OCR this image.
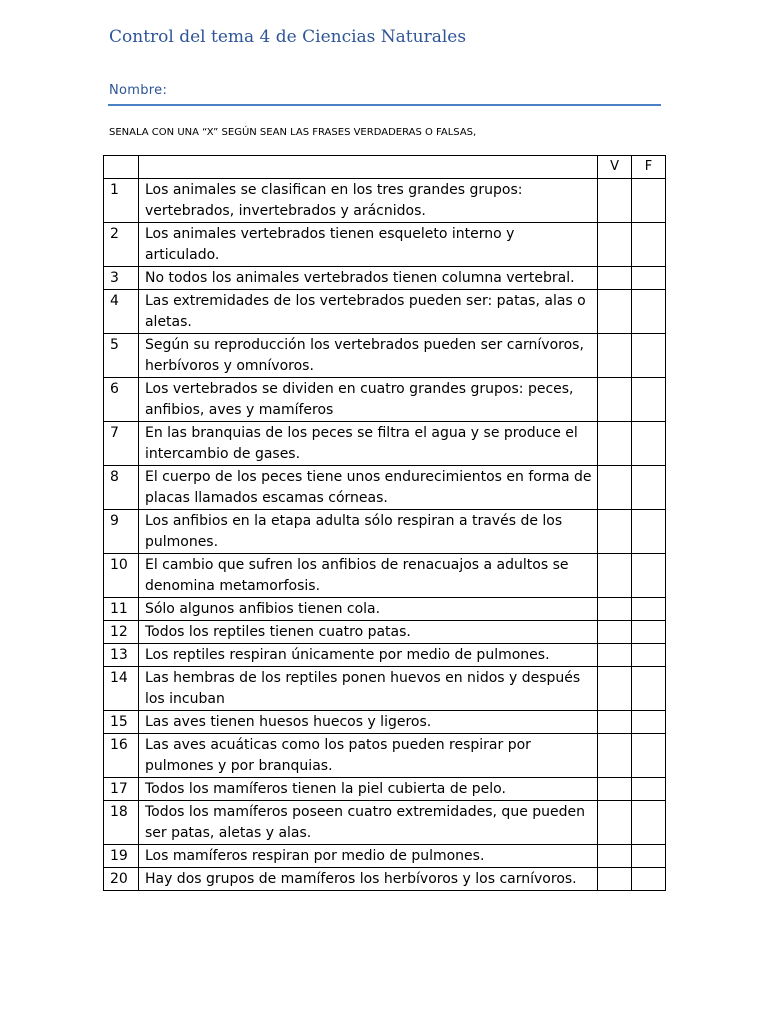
Control del tema 4 de Ciencias Naturales
Nombre:
SENALA CON UNA “X” SEGÚN SEAN LAS FRASES VERDADERAS O FALSAS,
		V	F
1	Los animales se clasifican en los tres grandes grupos: vertebrados, invertebrados y arácnidos.		
2	Los animales vertebrados tienen esqueleto interno y articulado.		
3	No todos los animales vertebrados tienen columna vertebral.		
4	Las extremidades de los vertebrados pueden ser: patas, alas o aletas.		
5	Según su reproducción los vertebrados pueden ser carnívoros, herbívoros y omnívoros.		
6	Los vertebrados se dividen en cuatro grandes grupos: peces, anfibios, aves y mamíferos		
7	En las branquias de los peces se filtra el agua y se produce el intercambio de gases.		
8	El cuerpo de los peces tiene unos endurecimientos en forma de placas llamados escamas córneas.		
9	Los anfibios en la etapa adulta sólo respiran a través de los pulmones.		
10	El cambio que sufren los anfibios de renacuajos a adultos se denomina metamorfosis.		
11	Sólo algunos anfibios tienen cola.		
12	Todos los reptiles tienen cuatro patas.		
13	Los reptiles respiran únicamente por medio de pulmones.		
14	Las hembras de los reptiles ponen huevos en nidos y después los incuban		
15	Las aves tienen huesos huecos y ligeros.		
16	Las aves acuáticas como los patos pueden respirar por pulmones y por branquias.		
17	Todos los mamíferos tienen la piel cubierta de pelo.		
18	Todos los mamíferos poseen cuatro extremidades, que pueden ser patas, aletas y alas.		
19	Los mamíferos respiran por medio de pulmones.		
20	Hay dos grupos de mamíferos los herbívoros y los carnívoros.		
